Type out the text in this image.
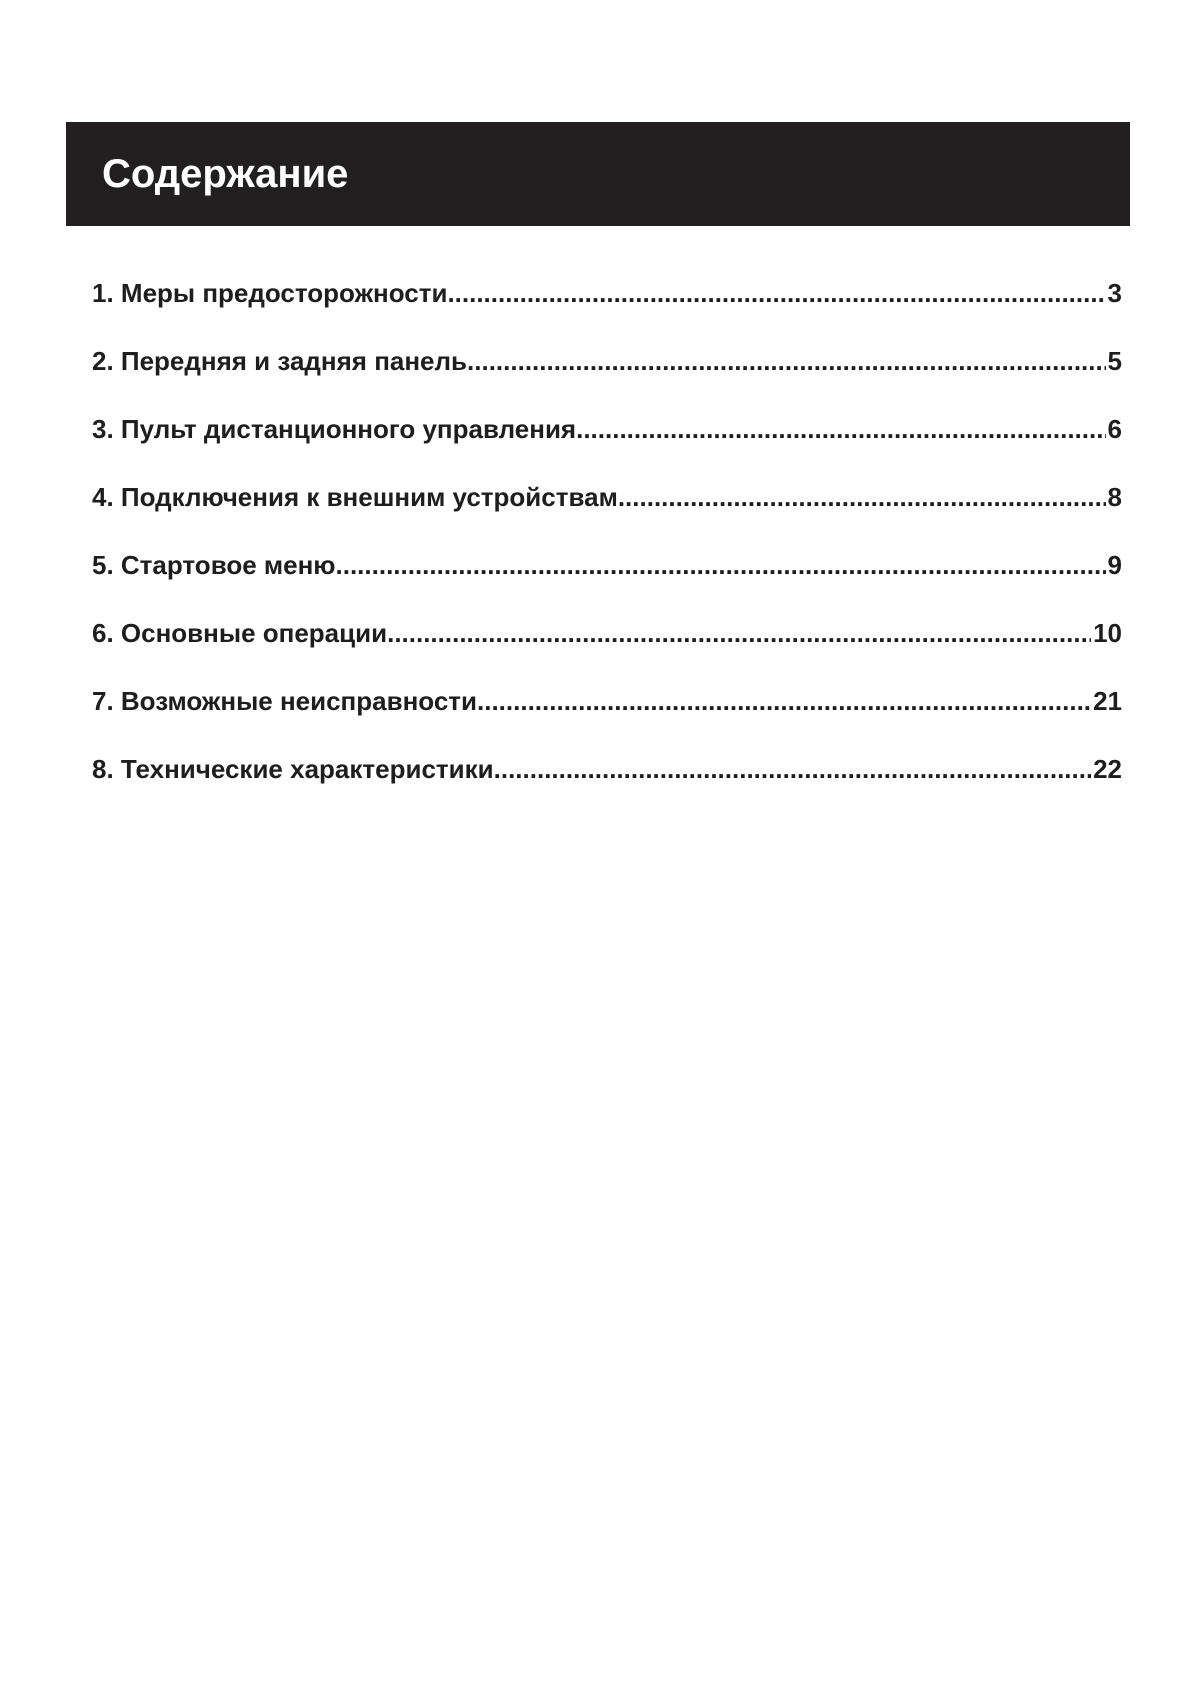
Содержание
1. Меры предосторожности .....	3
2. Передняя и задняя панель .....	5
3. Пульт дистанционного управления .....	6
4. Подключения к внешним устройствам .....	8
5. Стартовое меню .....	9
6. Основные операции .....	10
7. Возможные неисправности .....	21
8. Технические характеристики .....	22
